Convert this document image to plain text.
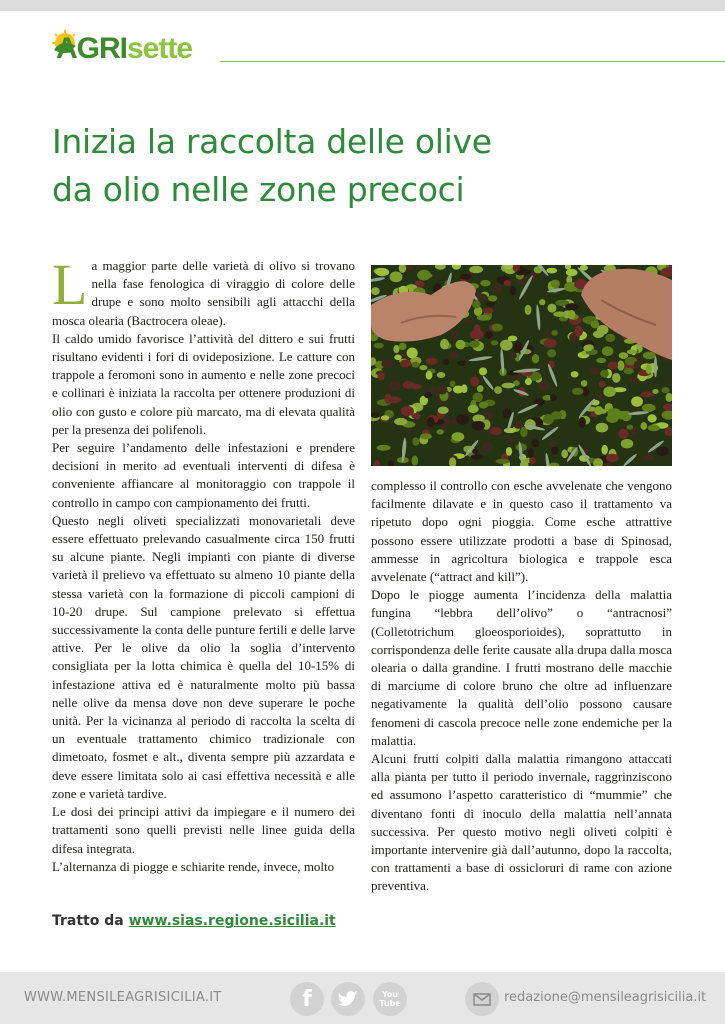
AGRIsette
Inizia la raccolta delle olive
da olio nelle zone precoci

La maggior parte delle varietà di olivo si trovano nella fase fenologica di viraggio di colore delle drupe e sono molto sensibili agli attacchi della mosca olearia (Bactrocera oleae).

Il caldo umido favorisce l’attività del dittero e sui frutti risultano evidenti i fori di ovideposizione. Le catture con trappole a feromoni sono in aumento e nelle zone precoci e collinari è iniziata la raccolta per ottenere produzioni di olio con gusto e colore più marcato, ma di elevata qualità per la presenza dei polifenoli.

Per seguire l’andamento delle infestazioni e prendere decisioni in merito ad eventuali interventi di difesa è conveniente affiancare al monitoraggio con trappole il controllo in campo con campionamento dei frutti.

Questo negli oliveti specializzati monovarietali deve essere effettuato prelevando casualmente circa 150 frutti su alcune piante. Negli impianti con piante di diverse varietà il prelievo va effettuato su almeno 10 piante della stessa varietà con la formazione di piccoli campioni di 10-20 drupe. Sul campione prelevato si effettua successivamente la conta delle punture fertili e delle larve attive. Per le olive da olio la soglia d’intervento consigliata per la lotta chimica è quella del 10-15% di infestazione attiva ed è naturalmente molto più bassa nelle olive da mensa dove non deve superare le poche unità. Per la vicinanza al periodo di raccolta la scelta di un eventuale trattamento chimico tradizionale con dimetoato, fosmet e alt., diventa sempre più azzardata e deve essere limitata solo ai casi effettiva necessità e alle zone e varietà tardive.

Le dosi dei principi attivi da impiegare e il numero dei trattamenti sono quelli previsti nelle linee guida della difesa integrata.

L’alternanza di piogge e schiarite rende, invece, molto

complesso il controllo con esche avvelenate che vengono facilmente dilavate e in questo caso il trattamento va ripetuto dopo ogni pioggia. Come esche attrattive possono essere utilizzate prodotti a base di Spinosad, ammesse in agricoltura biologica e trappole esca avvelenate (“attract and kill”).

Dopo le piogge aumenta l’incidenza della malattia fungina “lebbra dell’olivo” o “antracnosi” (Colletotrichum gloeosporioides), soprattutto in corrispondenza delle ferite causate alla drupa dalla mosca olearia o dalla grandine. I frutti mostrano delle macchie di marciume di colore bruno che oltre ad influenzare negativamente la qualità dell’olio possono causare fenomeni di cascola precoce nelle zone endemiche per la malattia.

Alcuni frutti colpiti dalla malattia rimangono attaccati alla pianta per tutto il periodo invernale, raggrinziscono ed assumono l’aspetto caratteristico di “mummie” che diventano fonti di inoculo della malattia nell’annata successiva. Per questo motivo negli oliveti colpiti è importante intervenire già dall’autunno, dopo la raccolta, con trattamenti a base di ossicloruri di rame con azione preventiva.

Tratto da www.sias.regione.sicilia.it
WWW.MENSILEAGRISICILIA.IT	f	You
Tube	redazione@mensileagrisicilia.it
